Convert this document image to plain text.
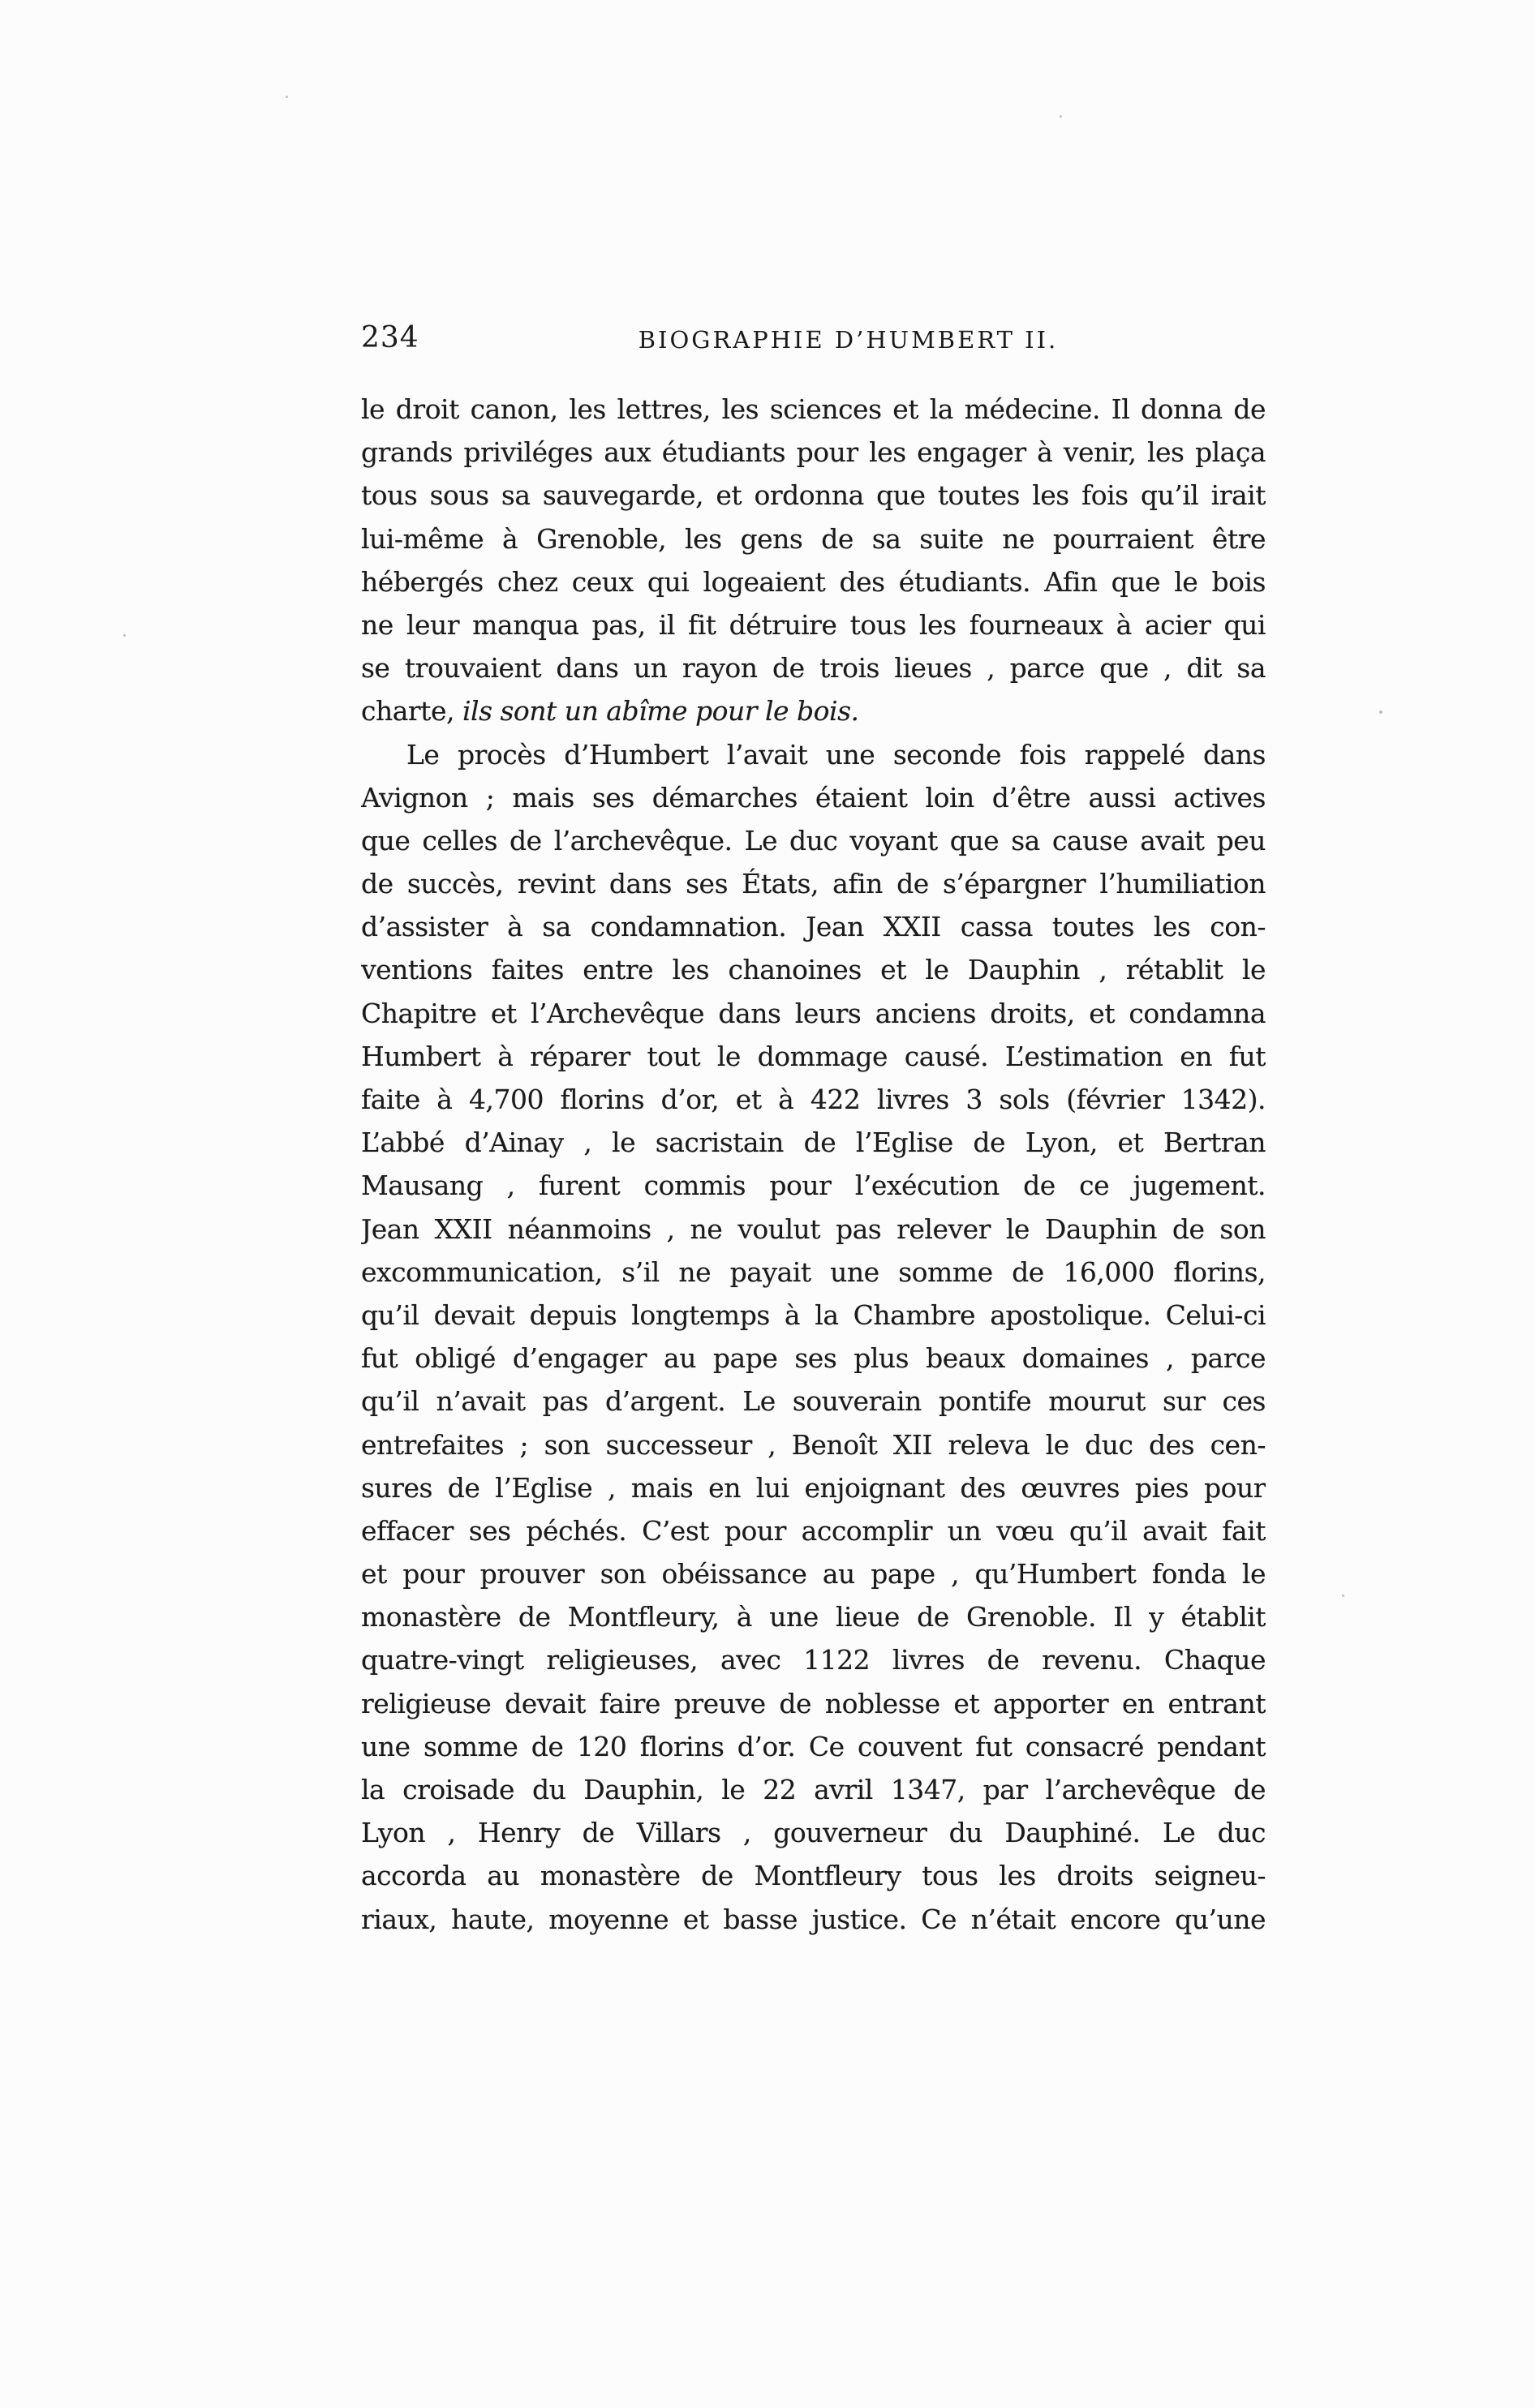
234	BIOGRAPHIE D’HUMBERT II.
le droit canon, les lettres, les sciences et la médecine. Il donna de
grands priviléges aux étudiants pour les engager à venir, les plaça
tous sous sa sauvegarde, et ordonna que toutes les fois qu’il irait
lui-même à Grenoble, les gens de sa suite ne pourraient être
hébergés chez ceux qui logeaient des étudiants. Afin que le bois
ne leur manqua pas, il fit détruire tous les fourneaux à acier qui
se trouvaient dans un rayon de trois lieues , parce que , dit sa
charte, ils sont un abîme pour le bois.
Le procès d’Humbert l’avait une seconde fois rappelé dans
Avignon ; mais ses démarches étaient loin d’être aussi actives
que celles de l’archevêque. Le duc voyant que sa cause avait peu
de succès, revint dans ses États, afin de s’épargner l’humiliation
d’assister à sa condamnation. Jean XXII cassa toutes les con-
ventions faites entre les chanoines et le Dauphin , rétablit le
Chapitre et l’Archevêque dans leurs anciens droits, et condamna
Humbert à réparer tout le dommage causé. L’estimation en fut
faite à 4,700 florins d’or, et à 422 livres 3 sols (février 1342).
L’abbé d’Ainay , le sacristain de l’Eglise de Lyon, et Bertran
Mausang , furent commis pour l’exécution de ce jugement.
Jean XXII néanmoins , ne voulut pas relever le Dauphin de son
excommunication, s’il ne payait une somme de 16,000 florins,
qu’il devait depuis longtemps à la Chambre apostolique. Celui-ci
fut obligé d’engager au pape ses plus beaux domaines , parce
qu’il n’avait pas d’argent. Le souverain pontife mourut sur ces
entrefaites ; son successeur , Benoît XII releva le duc des cen-
sures de l’Eglise , mais en lui enjoignant des œuvres pies pour
effacer ses péchés. C’est pour accomplir un vœu qu’il avait fait
et pour prouver son obéissance au pape , qu’Humbert fonda le
monastère de Montfleury, à une lieue de Grenoble. Il y établit
quatre-vingt religieuses, avec 1122 livres de revenu. Chaque
religieuse devait faire preuve de noblesse et apporter en entrant
une somme de 120 florins d’or. Ce couvent fut consacré pendant
la croisade du Dauphin, le 22 avril 1347, par l’archevêque de
Lyon , Henry de Villars , gouverneur du Dauphiné. Le duc
accorda au monastère de Montfleury tous les droits seigneu-
riaux, haute, moyenne et basse justice. Ce n’était encore qu’une
